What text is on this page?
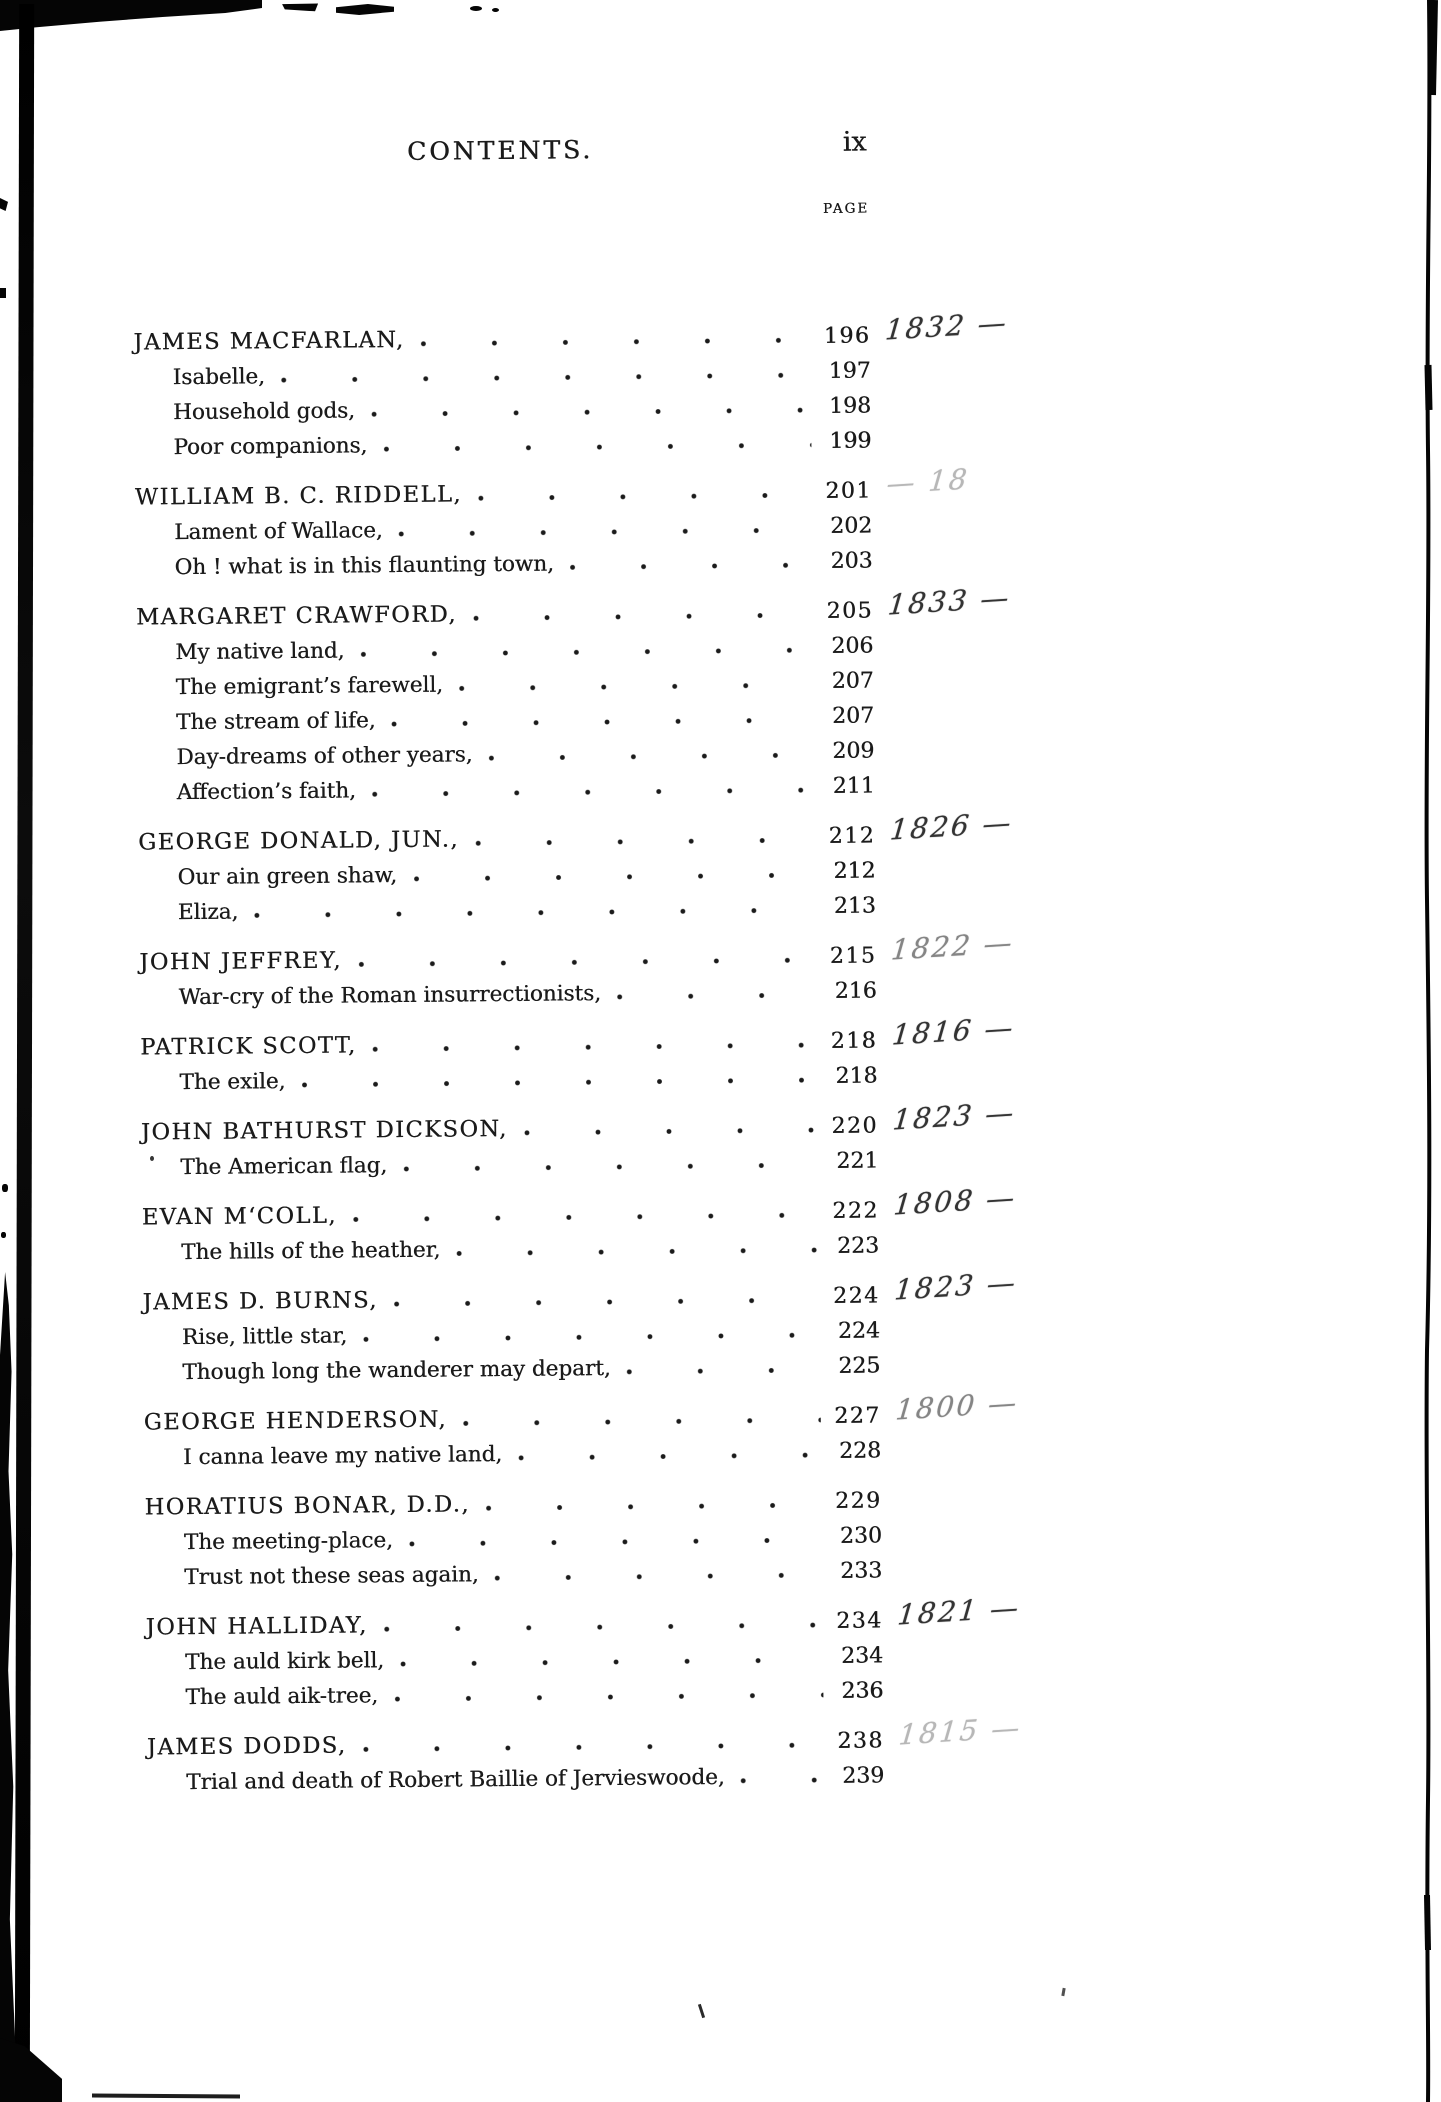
CONTENTS.	ix
PAGE
JAMES MACFARLAN,	196 1832 —
Isabelle,	197
Household gods,	198
Poor companions,	199
WILLIAM B. C. RIDDELL,	201 — 18
Lament of Wallace,	202
Oh ! what is in this flaunting town,	203
MARGARET CRAWFORD,	205 1833 —
My native land,	206
The emigrant’s farewell,	207
The stream of life,	207
Day-dreams of other years,	209
Affection’s faith,	211
GEORGE DONALD, JUN.,	212 1826 —
Our ain green shaw,	212
Eliza,	213
JOHN JEFFREY,	215 1822 —
War-cry of the Roman insurrectionists,	216
PATRICK SCOTT,	218 1816 —
The exile,	218
JOHN BATHURST DICKSON,	220 1823 —
The American flag,	221
EVAN M‘COLL,	222 1808 —
The hills of the heather,	223
JAMES D. BURNS,	224 1823 —
Rise, little star,	224
Though long the wanderer may depart,	225
GEORGE HENDERSON,	227 1800 —
I canna leave my native land,	228
HORATIUS BONAR, D.D.,	229
The meeting-place,	230
Trust not these seas again,	233
JOHN HALLIDAY,	234 1821 —
The auld kirk bell,	234
The auld aik-tree,	236
JAMES DODDS,	238 1815 —
Trial and death of Robert Baillie of Jervieswoode,	239
